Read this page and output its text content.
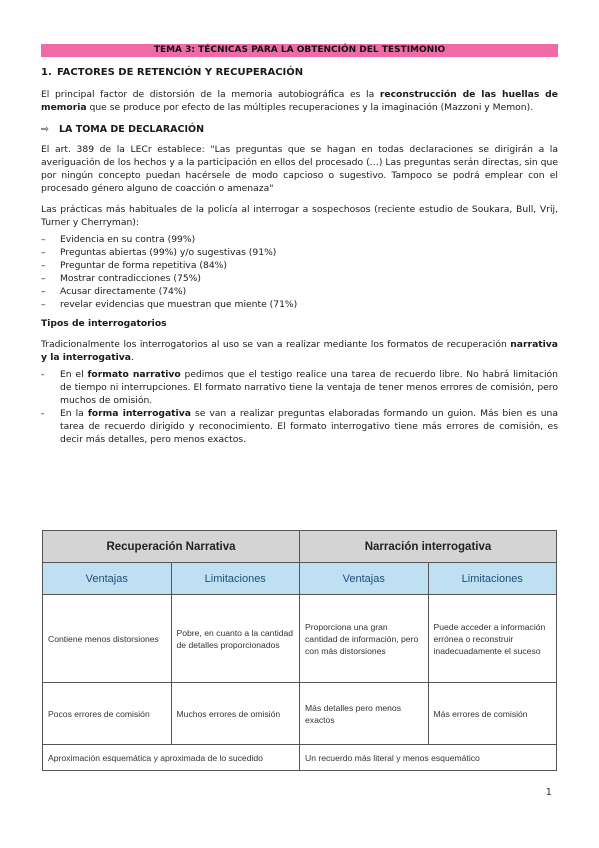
TEMA 3: TÉCNICAS PARA LA OBTENCIÓN DEL TESTIMONIO
1. FACTORES DE RETENCIÓN Y RECUPERACIÓN

El principal factor de distorsión de la memoria autobiográfica es la reconstrucción de las huellas de memoria que se produce por efecto de las múltiples recuperaciones y la imaginación (Mazzoni y Memon).

⇨ LA TOMA DE DECLARACIÓN

El art. 389 de la LECr establece: "Las preguntas que se hagan en todas declaraciones se dirigirán a la averiguación de los hechos y a la participación en ellos del procesado (…) Las preguntas serán directas, sin que por ningún concepto puedan hacérsele de modo capcioso o sugestivo. Tampoco se podrá emplear con el procesado género alguno de coacción o amenaza"

Las prácticas más habituales de la policía al interrogar a sospechosos (reciente estudio de Soukara, Bull, Vrij, Turner y Cherryman):

– Evidencia en su contra (99%)
– Preguntas abiertas (99%) y/o sugestivas (91%)
– Preguntar de forma repetitiva (84%)
– Mostrar contradicciones (75%)
– Acusar directamente (74%)
– revelar evidencias que muestran que miente (71%)
Tipos de interrogatorios

Tradicionalmente los interrogatorios al uso se van a realizar mediante los formatos de recuperación narrativa y la interrogativa.

- En el formato narrativo pedimos que el testigo realice una tarea de recuerdo libre. No habrá limitación de tiempo ni interrupciones. El formato narrativo tiene la ventaja de tener menos errores de comisión, pero muchos de omisión.
- En la forma interrogativa se van a realizar preguntas elaboradas formando un guion. Más bien es una tarea de recuerdo dirigido y reconocimiento. El formato interrogativo tiene más errores de comisión, es decir más detalles, pero menos exactos.
Recuperación Narrativa		Narración interrogativa	
Ventajas	Limitaciones	Ventajas	Limitaciones
Contiene menos distorsiones	Pobre, en cuanto a la cantidad de detalles proporcionados	Proporciona una gran cantidad de información, pero con más distorsiones	Puede acceder a información errónea o reconstruir inadecuadamente el suceso
Pocos errores de comisión	Muchos errores de omisión	Más detalles pero menos exactos	Más errores de comisión
Aproximación esquemática y aproximada de lo sucedido		Un recuerdo más literal y menos esquemático	
1
